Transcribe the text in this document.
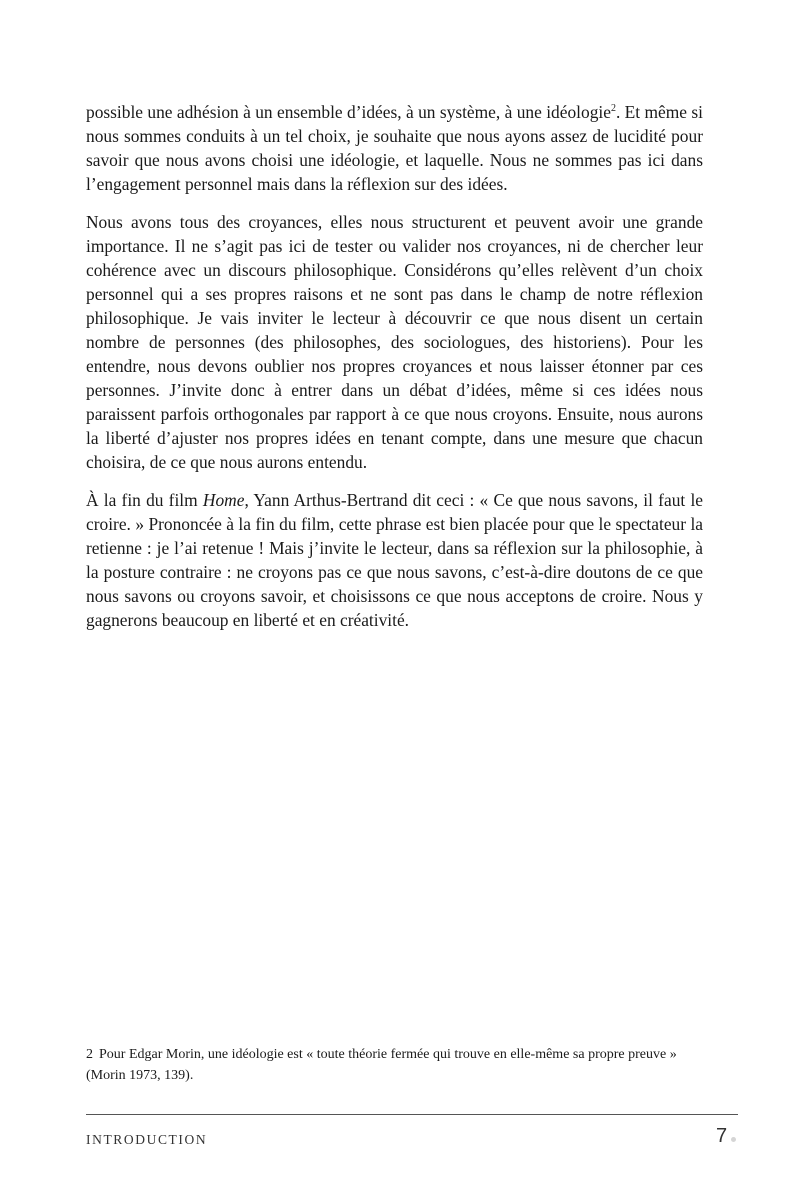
possible une adhésion à un ensemble d’idées, à un système, à une idéologie$^2$. Et même si nous sommes conduits à un tel choix, je souhaite que nous ayons assez de lucidité pour savoir que nous avons choisi une idéologie, et laquelle. Nous ne sommes pas ici dans l’engagement personnel mais dans la réflexion sur des idées.

Nous avons tous des croyances, elles nous structurent et peuvent avoir une grande importance. Il ne s’agit pas ici de tester ou valider nos croyances, ni de chercher leur cohérence avec un discours philosophique. Considérons qu’elles relèvent d’un choix personnel qui a ses propres raisons et ne sont pas dans le champ de notre réflexion philosophique. Je vais inviter le lecteur à découvrir ce que nous disent un certain nombre de personnes (des philosophes, des sociologues, des historiens). Pour les entendre, nous devons oublier nos propres croyances et nous laisser étonner par ces personnes. J’invite donc à entrer dans un débat d’idées, même si ces idées nous paraissent parfois orthogonales par rapport à ce que nous croyons. Ensuite, nous aurons la liberté d’ajuster nos propres idées en tenant compte, dans une mesure que chacun choisira, de ce que nous aurons entendu.

À la fin du film Home, Yann Arthus-Bertrand dit ceci : « Ce que nous savons, il faut le croire. » Prononcée à la fin du film, cette phrase est bien placée pour que le spectateur la retienne : je l’ai retenue ! Mais j’invite le lecteur, dans sa réflexion sur la philosophie, à la posture contraire : ne croyons pas ce que nous savons, c’est-à-dire doutons de ce que nous savons ou croyons savoir, et choisissons ce que nous acceptons de croire. Nous y gagnerons beaucoup en liberté et en créativité.

2 Pour Edgar Morin, une idéologie est « toute théorie fermée qui trouve en elle-même sa propre preuve » (Morin 1973, 139).

INTRODUCTION	7
